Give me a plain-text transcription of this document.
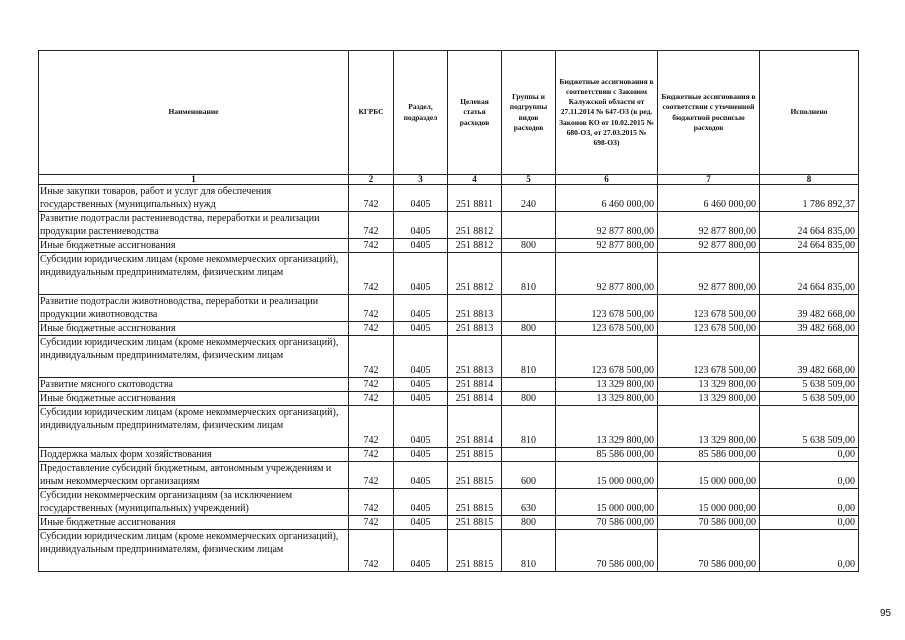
Наименование	КГРБС	Раздел, подраздел	Целевая статья расходов	Группы и подгруппы видов расходов	Бюджетные ассигнования в соответствии с Законом Калужской области от 27.11.2014 № 647-ОЗ (в ред. Законов КО от 10.02.2015 № 680-ОЗ, от 27.03.2015 № 698-ОЗ)	Бюджетные ассигнования в соответствии с уточненной бюджетной росписью расходов	Исполнено
1	2	3	4	5	6	7	8
Иные закупки товаров, работ и услуг для обеспечения государственных (муниципальных) нужд	742	0405	251 8811	240	6 460 000,00	6 460 000,00	1 786 892,37
Развитие подотрасли растениеводства, переработки и реализации продукции растениеводства	742	0405	251 8812		92 877 800,00	92 877 800,00	24 664 835,00
Иные бюджетные ассигнования	742	0405	251 8812	800	92 877 800,00	92 877 800,00	24 664 835,00
Субсидии юридическим лицам (кроме некоммерческих организаций), индивидуальным предпринимателям, физическим лицам	742	0405	251 8812	810	92 877 800,00	92 877 800,00	24 664 835,00
Развитие подотрасли животноводства, переработки и реализации продукции животноводства	742	0405	251 8813		123 678 500,00	123 678 500,00	39 482 668,00
Иные бюджетные ассигнования	742	0405	251 8813	800	123 678 500,00	123 678 500,00	39 482 668,00
Субсидии юридическим лицам (кроме некоммерческих организаций), индивидуальным предпринимателям, физическим лицам	742	0405	251 8813	810	123 678 500,00	123 678 500,00	39 482 668,00
Развитие мясного скотоводства	742	0405	251 8814		13 329 800,00	13 329 800,00	5 638 509,00
Иные бюджетные ассигнования	742	0405	251 8814	800	13 329 800,00	13 329 800,00	5 638 509,00
Субсидии юридическим лицам (кроме некоммерческих организаций), индивидуальным предпринимателям, физическим лицам	742	0405	251 8814	810	13 329 800,00	13 329 800,00	5 638 509,00
Поддержка малых форм хозяйствования	742	0405	251 8815		85 586 000,00	85 586 000,00	0,00
Предоставление субсидий бюджетным, автономным учреждениям и иным некоммерческим организациям	742	0405	251 8815	600	15 000 000,00	15 000 000,00	0,00
Субсидии некоммерческим организациям (за исключением государственных (муниципальных) учреждений)	742	0405	251 8815	630	15 000 000,00	15 000 000,00	0,00
Иные бюджетные ассигнования	742	0405	251 8815	800	70 586 000,00	70 586 000,00	0,00
Субсидии юридическим лицам (кроме некоммерческих организаций), индивидуальным предпринимателям, физическим лицам	742	0405	251 8815	810	70 586 000,00	70 586 000,00	0,00
95
